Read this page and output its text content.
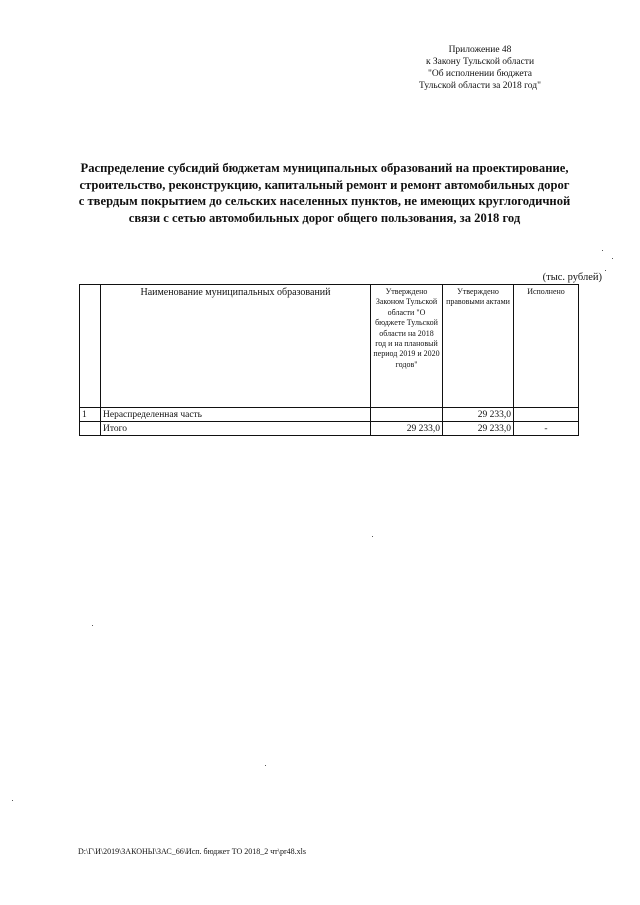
Приложение 48
к Закону Тульской области
"Об исполнении бюджета
Тульской области за 2018 год"
Распределение субсидий бюджетам муниципальных образований на проектирование,
строительство, реконструкцию, капитальный ремонт и ремонт автомобильных дорог
с твердым покрытием до сельских населенных пунктов, не имеющих круглогодичной
связи с сетью автомобильных дорог общего пользования, за 2018 год
(тыс. рублей)
	Наименование муниципальных образований	Утверждено Законом Тульской области "О бюджете Тульской области на 2018 год и на плановый период 2019 и 2020 годов"	Утверждено правовыми актами	Исполнено
1	Нераспределенная часть		29 233,0	
	Итого	29 233,0	29 233,0	-
D:\Г\И\2019\ЗАКОНЫ\ЗАС_66\Исп. бюджет ТО 2018_2 чт\pr48.xls
